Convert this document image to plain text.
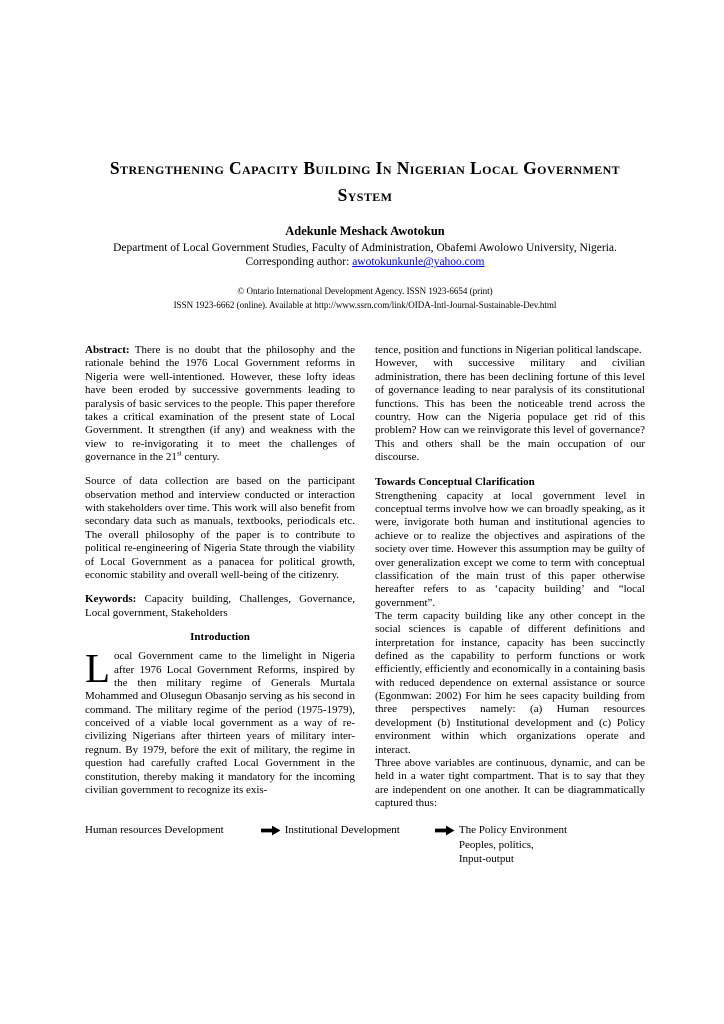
Strengthening Capacity Building In Nigerian Local Government System
Adekunle Meshack Awotokun
Department of Local Government Studies, Faculty of Administration, Obafemi Awolowo University, Nigeria.
Corresponding author: awotokunkunle@yahoo.com
© Ontario International Development Agency. ISSN 1923-6654 (print)
ISSN 1923-6662 (online). Available at http://www.ssrn.com/link/OIDA-Intl-Journal-Sustainable-Dev.html

Abstract: There is no doubt that the philosophy and the rationale behind the 1976 Local Government reforms in Nigeria were well-intentioned. However, these lofty ideas have been eroded by successive governments leading to paralysis of basic services to the people. This paper therefore takes a critical examination of the present state of Local Government. It strengthen (if any) and weakness with the view to re-invigorating it to meet the challenges of governance in the 21st century.

Source of data collection are based on the participant observation method and interview conducted or interaction with stakeholders over time. This work will also benefit from secondary data such as manuals, textbooks, periodicals etc. The overall philosophy of the paper is to contribute to political re-engineering of Nigeria State through the viability of Local Government as a panacea for political growth, economic stability and overall well-being of the citizenry.

Keywords: Capacity building, Challenges, Governance, Local government, Stakeholders

Introduction

Local Government came to the limelight in Nigeria after 1976 Local Government Reforms, inspired by the then military regime of Generals Murtala Mohammed and Olusegun Obasanjo serving as his second in command. The military regime of the period (1975-1979), conceived of a viable local government as a way of re-civilizing Nigerians after thirteen years of military inter-regnum. By 1979, before the exit of military, the regime in question had carefully crafted Local Government in the constitution, thereby making it mandatory for the incoming civilian government to recognize its exis-

tence, position and functions in Nigerian political landscape.

However, with successive military and civilian administration, there has been declining fortune of this level of governance leading to near paralysis of its constitutional functions. This has been the noticeable trend across the country. How can the Nigeria populace get rid of this problem? How can we reinvigorate this level of governance? This and others shall be the main occupation of our discourse.

Towards Conceptual Clarification

Strengthening capacity at local government level in conceptual terms involve how we can broadly speaking, as it were, invigorate both human and institutional agencies to achieve or to realize the objectives and aspirations of the society over time. However this assumption may be guilty of over generalization except we come to term with conceptual classification of the main trust of this paper otherwise hereafter refers to as ‘capacity building’ and “local government”.

The term capacity building like any other concept in the social sciences is capable of different definitions and interpretation for instance, capacity has been succinctly defined as the capability to perform functions or work efficiently, efficiently and economically in a containing basis with reduced dependence on external assistance or source (Egonmwan: 2002) For him he sees capacity building from three perspectives namely: (a) Human resources development (b) Institutional development and (c) Policy environment within which organizations operate and interact.

Three above variables are continuous, dynamic, and can be held in a water tight compartment. That is to say that they are independent on one another. It can be diagrammatically captured thus:

Human resources Development	Institutional Development	The Policy Environment
Peoples, politics,
Input-output
